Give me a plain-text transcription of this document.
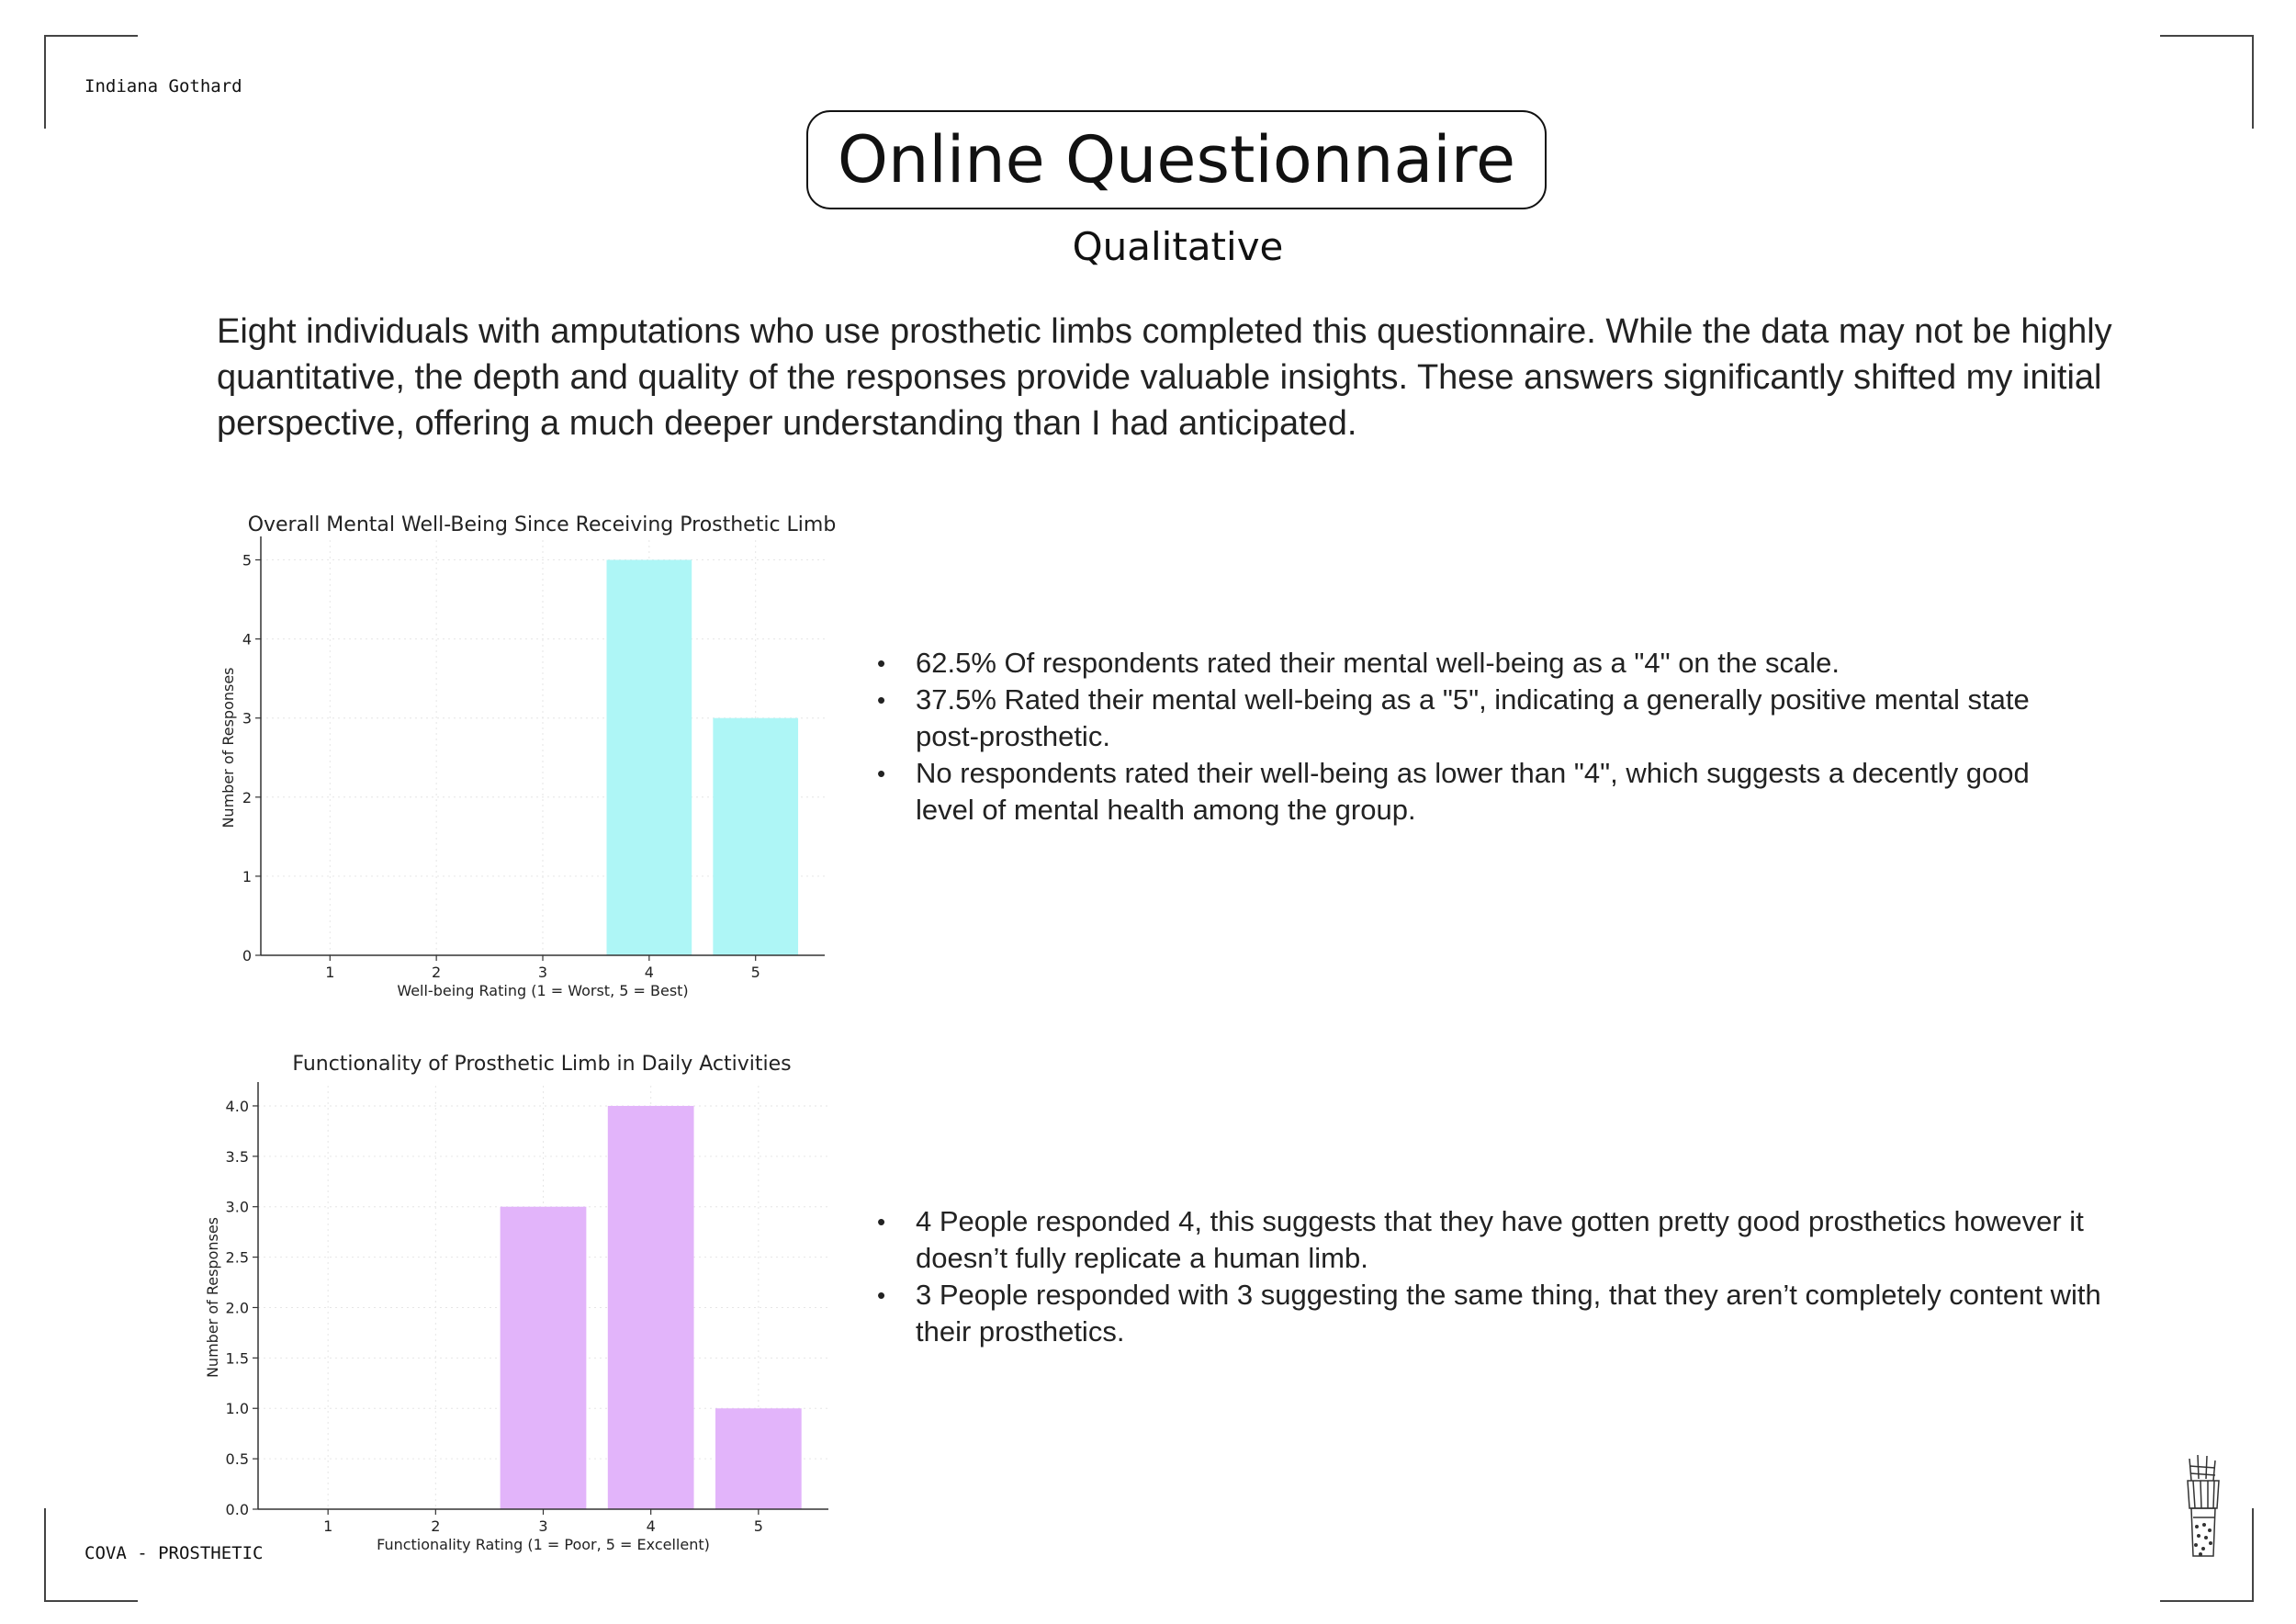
Indiana Gothard
Online Questionnaire
Qualitative
Eight individuals with amputations who use prosthetic limbs completed this questionnaire. While the data may not be highly quantitative, the depth and quality of the responses provide valuable insights. These answers significantly shifted my initial perspective, offering a much deeper understanding than I had anticipated.
0
1
2
3
4
5
1	2	3	4	5
Overall Mental Well-Being Since Receiving Prosthetic Limb
Well-being Rating (1 = Worst, 5 = Best)
Number of Responses
0.0
0.5
1.0
1.5
2.0
2.5
3.0
3.5
4.0
1	2	3	4	5
Functionality of Prosthetic Limb in Daily Activities
Functionality Rating (1 = Poor, 5 = Excellent)
Number of Responses
• 62.5% Of respondents rated their mental well-being as a "4" on the scale.
• 37.5% Rated their mental well-being as a "5", indicating a generally positive mental state post-prosthetic.
• No respondents rated their well-being as lower than "4", which suggests a decently good level of mental health among the group.
• 4 People responded 4, this suggests that they have gotten pretty good prosthetics however it doesn’t fully replicate a human limb.
• 3 People responded with 3 suggesting the same thing, that they aren’t completely content with their prosthetics.
COVA - PROSTHETIC
